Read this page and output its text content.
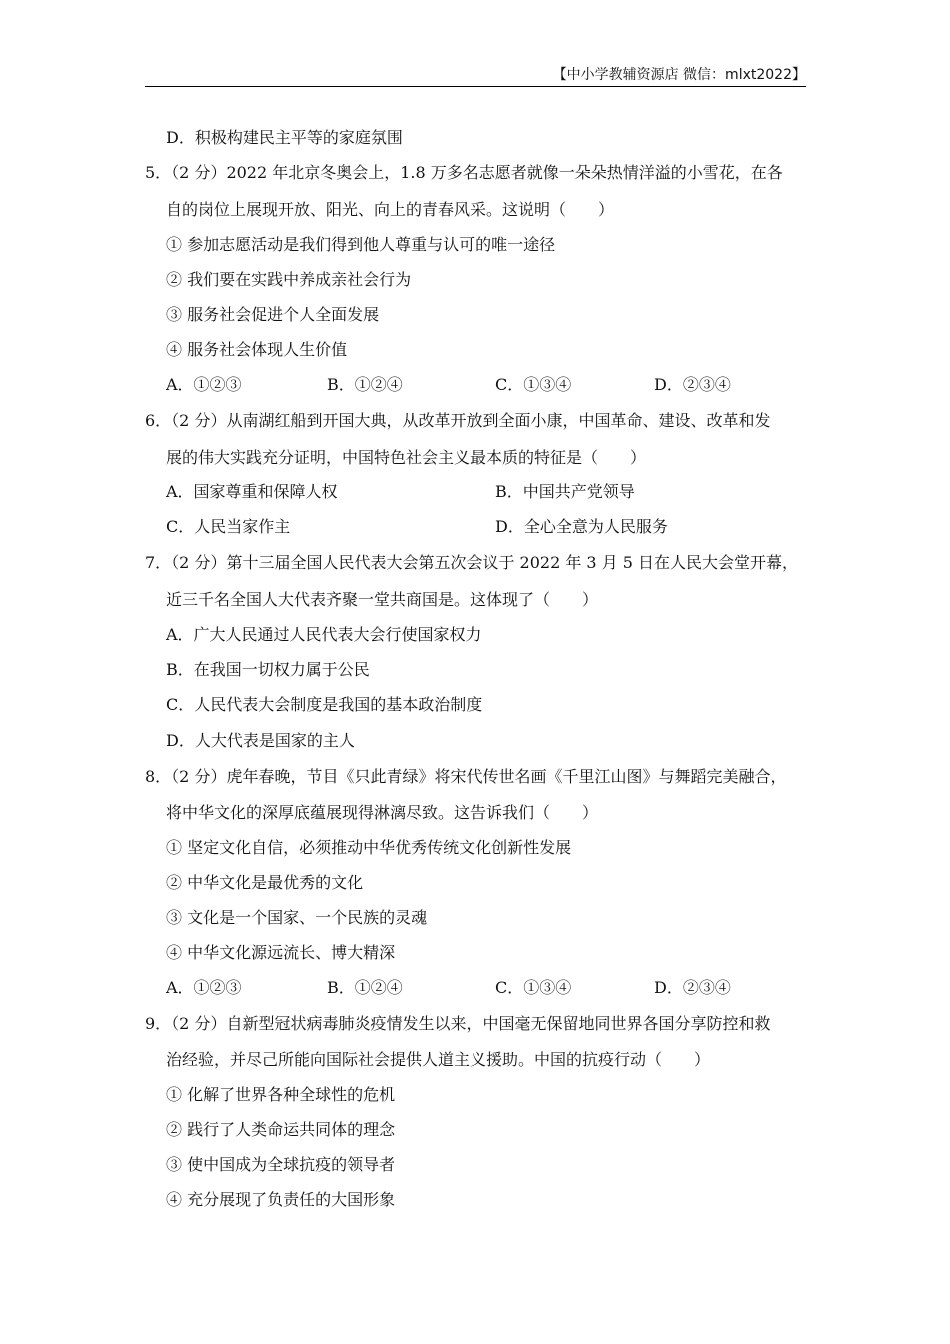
【中小学教辅资源店 微信：mlxt2022】
D．积极构建民主平等的家庭氛围
5．（2 分）2022 年北京冬奥会上，1.8 万多名志愿者就像一朵朵热情洋溢的小雪花，在各
自的岗位上展现开放、阳光、向上的青春风采。这说明（　　）
① 参加志愿活动是我们得到他人尊重与认可的唯一途径
② 我们要在实践中养成亲社会行为
③ 服务社会促进个人全面发展
④ 服务社会体现人生价值
A．①②③	B．①②④	C．①③④	D．②③④
6．（2 分）从南湖红船到开国大典，从改革开放到全面小康，中国革命、建设、改革和发
展的伟大实践充分证明，中国特色社会主义最本质的特征是（　　）
A．国家尊重和保障人权	B．中国共产党领导
C．人民当家作主	D．全心全意为人民服务
7．（2 分）第十三届全国人民代表大会第五次会议于 2022 年 3 月 5 日在人民大会堂开幕，
近三千名全国人大代表齐聚一堂共商国是。这体现了（　　）
A．广大人民通过人民代表大会行使国家权力
B．在我国一切权力属于公民
C．人民代表大会制度是我国的基本政治制度
D．人大代表是国家的主人
8．（2 分）虎年春晚，节目《只此青绿》将宋代传世名画《千里江山图》与舞蹈完美融合，
将中华文化的深厚底蕴展现得淋漓尽致。这告诉我们（　　）
① 坚定文化自信，必须推动中华优秀传统文化创新性发展
② 中华文化是最优秀的文化
③ 文化是一个国家、一个民族的灵魂
④ 中华文化源远流长、博大精深
A．①②③	B．①②④	C．①③④	D．②③④
9．（2 分）自新型冠状病毒肺炎疫情发生以来，中国毫无保留地同世界各国分享防控和救
治经验，并尽己所能向国际社会提供人道主义援助。中国的抗疫行动（　　）
① 化解了世界各种全球性的危机
② 践行了人类命运共同体的理念
③ 使中国成为全球抗疫的领导者
④ 充分展现了负责任的大国形象
